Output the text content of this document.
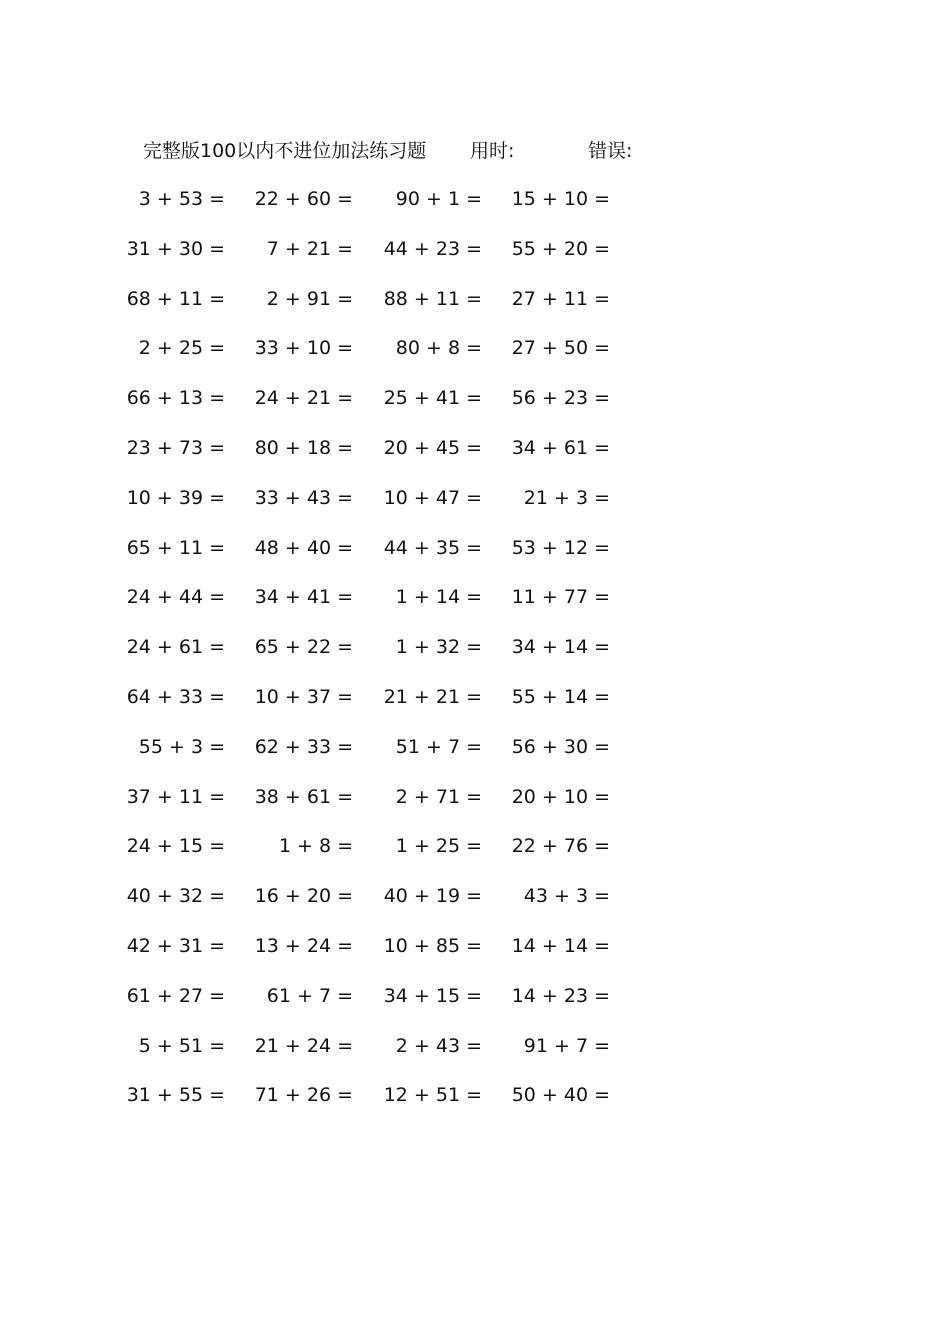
完整版100以内不进位加法练习题 用时:	错误:
3 + 53 =	22 + 60 =	90 + 1 =	15 + 10 =
31 + 30 =	7 + 21 =	44 + 23 =	55 + 20 =
68 + 11 =	2 + 91 =	88 + 11 =	27 + 11 =
2 + 25 =	33 + 10 =	80 + 8 =	27 + 50 =
66 + 13 =	24 + 21 =	25 + 41 =	56 + 23 =
23 + 73 =	80 + 18 =	20 + 45 =	34 + 61 =
10 + 39 =	33 + 43 =	10 + 47 =	21 + 3 =
65 + 11 =	48 + 40 =	44 + 35 =	53 + 12 =
24 + 44 =	34 + 41 =	1 + 14 =	11 + 77 =
24 + 61 =	65 + 22 =	1 + 32 =	34 + 14 =
64 + 33 =	10 + 37 =	21 + 21 =	55 + 14 =
55 + 3 =	62 + 33 =	51 + 7 =	56 + 30 =
37 + 11 =	38 + 61 =	2 + 71 =	20 + 10 =
24 + 15 =	1 + 8 =	1 + 25 =	22 + 76 =
40 + 32 =	16 + 20 =	40 + 19 =	43 + 3 =
42 + 31 =	13 + 24 =	10 + 85 =	14 + 14 =
61 + 27 =	61 + 7 =	34 + 15 =	14 + 23 =
5 + 51 =	21 + 24 =	2 + 43 =	91 + 7 =
31 + 55 =	71 + 26 =	12 + 51 =	50 + 40 =
